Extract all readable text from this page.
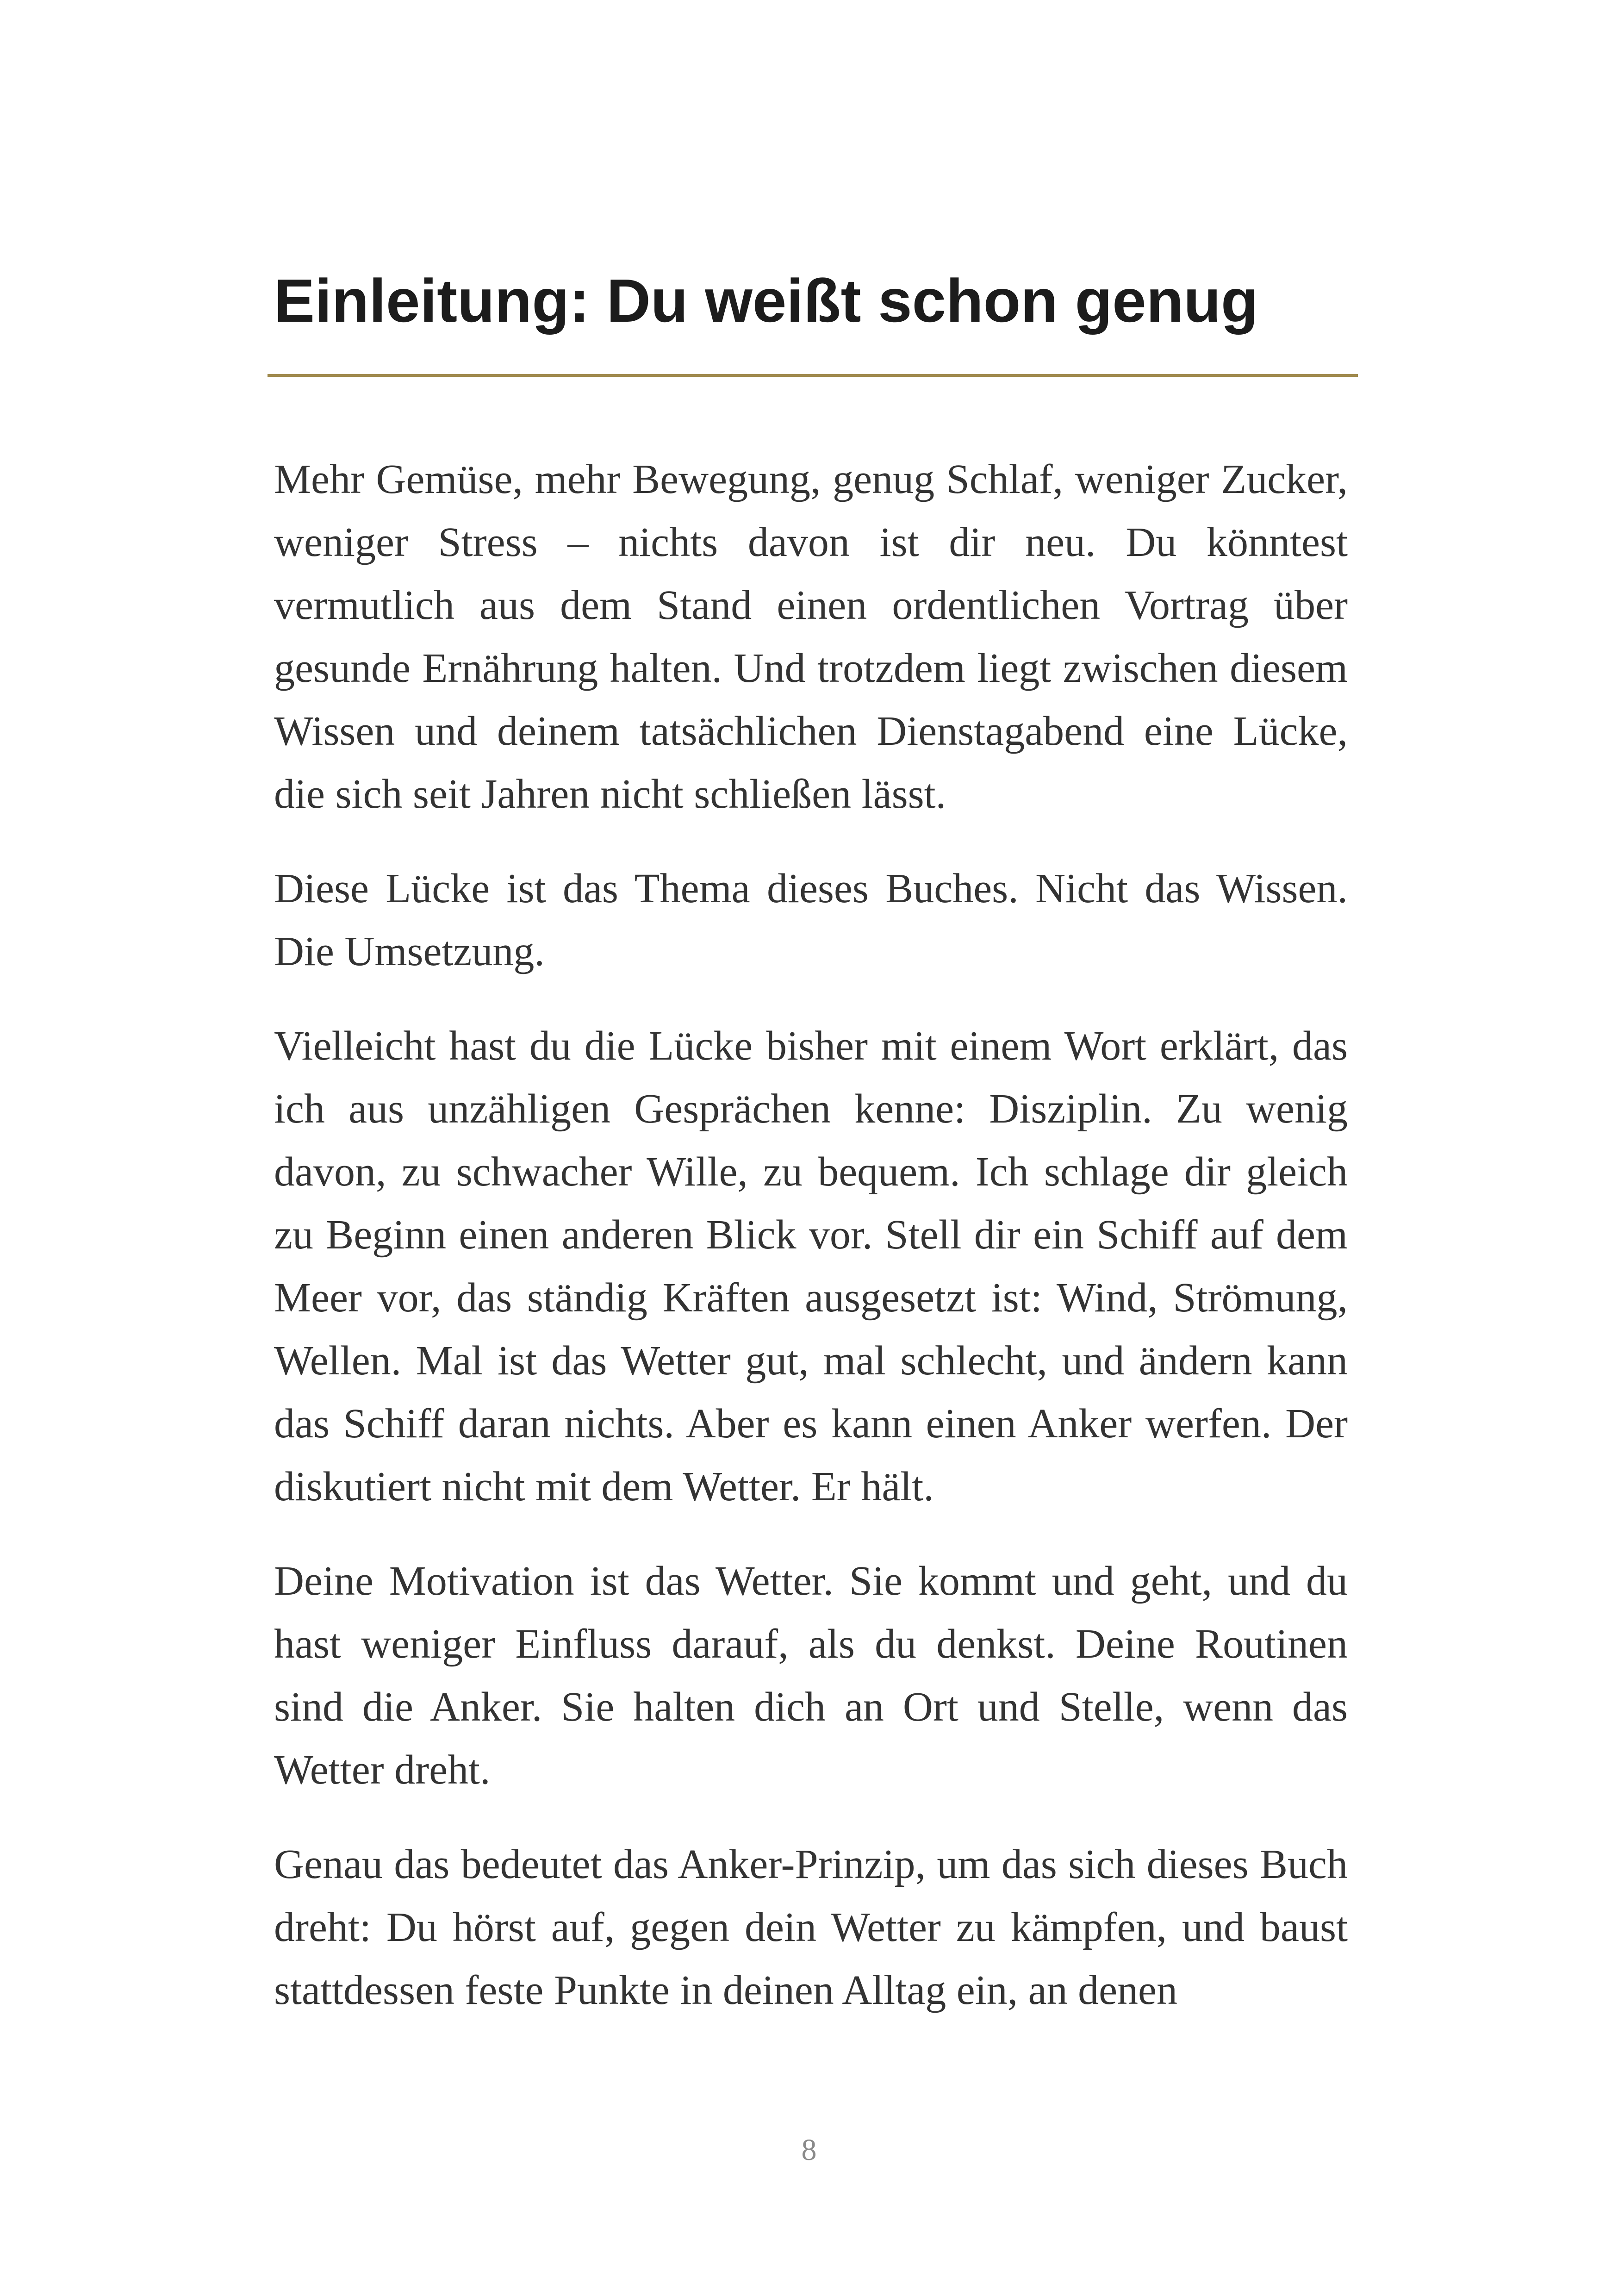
Einleitung: Du weißt schon genug

Mehr Gemüse, mehr Bewegung, genug Schlaf, weniger Zucker, weniger Stress – nichts davon ist dir neu. Du könntest vermutlich aus dem Stand einen ordentlichen Vortrag über gesunde Ernährung halten. Und trotzdem liegt zwischen diesem Wissen und deinem tatsächlichen Dienstagabend eine Lücke, die sich seit Jahren nicht schließen lässt.

Diese Lücke ist das Thema dieses Buches. Nicht das Wissen. Die Umsetzung.

Vielleicht hast du die Lücke bisher mit einem Wort erklärt, das ich aus unzähligen Gesprächen kenne: Disziplin. Zu wenig davon, zu schwacher Wille, zu bequem. Ich schlage dir gleich zu Beginn einen anderen Blick vor. Stell dir ein Schiff auf dem Meer vor, das ständig Kräften ausgesetzt ist: Wind, Strömung, Wellen. Mal ist das Wetter gut, mal schlecht, und ändern kann das Schiff daran nichts. Aber es kann einen Anker werfen. Der diskutiert nicht mit dem Wetter. Er hält.

Deine Motivation ist das Wetter. Sie kommt und geht, und du hast weniger Einfluss darauf, als du denkst. Deine Routinen sind die Anker. Sie halten dich an Ort und Stelle, wenn das Wetter dreht.

Genau das bedeutet das Anker-Prinzip, um das sich dieses Buch dreht: Du hörst auf, gegen dein Wetter zu kämpfen, und baust stattdessen feste Punkte in deinen Alltag ein, an denen

8
